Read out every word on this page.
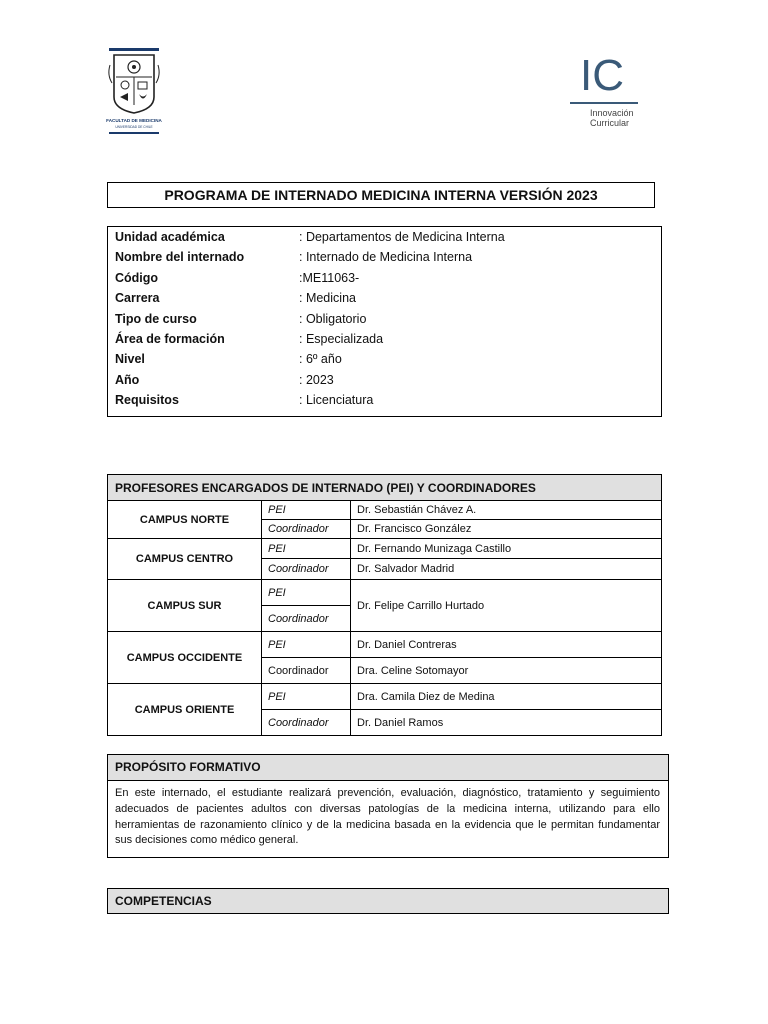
FACULTAD DE MEDICINA
UNIVERSIDAD DE CHILE
IC
Innovación
Curricular
PROGRAMA DE INTERNADO MEDICINA INTERNA VERSIÓN 2023
Unidad académica	: Departamentos de Medicina Interna
Nombre del internado	: Internado de Medicina Interna
Código	:ME11063-
Carrera	: Medicina
Tipo de curso	: Obligatorio
Área de formación	: Especializada
Nivel	: 6º año
Año	: 2023
Requisitos	: Licenciatura
PROFESORES ENCARGADOS DE INTERNADO (PEI) Y COORDINADORES		
CAMPUS NORTE	PEI	Dr. Sebastián Chávez A.
	Coordinador	Dr. Francisco González
CAMPUS CENTRO	PEI	Dr. Fernando Munizaga Castillo
	Coordinador	Dr. Salvador Madrid
CAMPUS SUR	PEI	Dr. Felipe Carrillo Hurtado
	Coordinador	
CAMPUS OCCIDENTE	PEI	Dr. Daniel Contreras
	Coordinador	Dra. Celine Sotomayor
CAMPUS ORIENTE	PEI	Dra. Camila Diez de Medina
	Coordinador	Dr. Daniel Ramos
PROPÓSITO FORMATIVO
En este internado, el estudiante realizará prevención, evaluación, diagnóstico, tratamiento y seguimiento adecuados de pacientes adultos con diversas patologías de la medicina interna, utilizando para ello herramientas de razonamiento clínico y de la medicina basada en la evidencia que le permitan fundamentar sus decisiones como médico general.
COMPETENCIAS
